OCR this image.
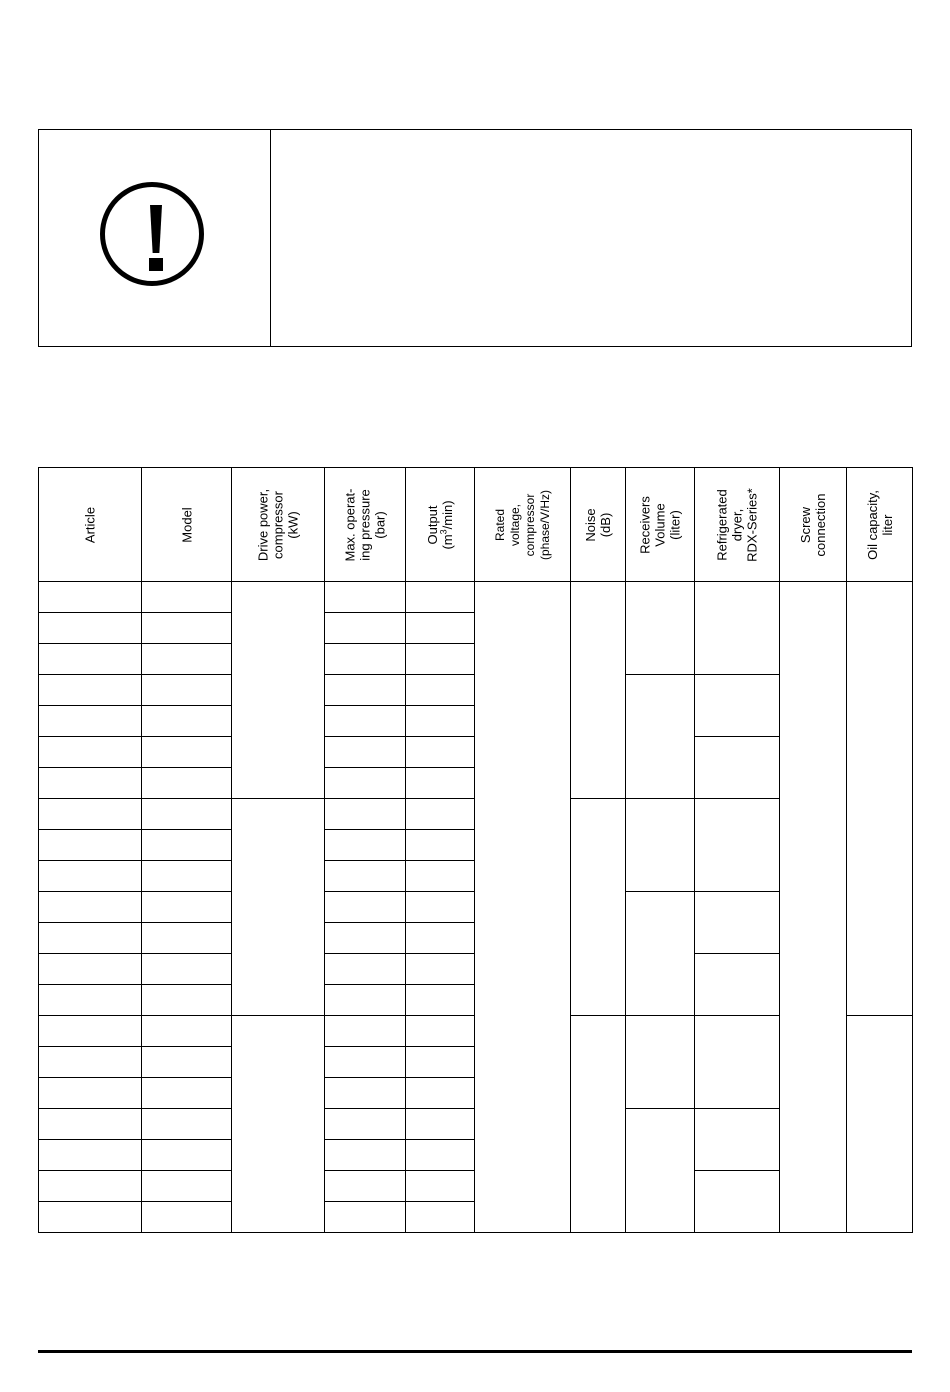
Article	Model	Drive power, compressor (kW)	Max. operat- ing pressure (bar)	Output $(m^3/\min)$	Rated voltage, compressor (phase/V/Hz)	Noise (dB)	Receivers Volume (liter)	Refrigerated dryer, RDX-Series*	Screw connection	Oil capacity, liter
